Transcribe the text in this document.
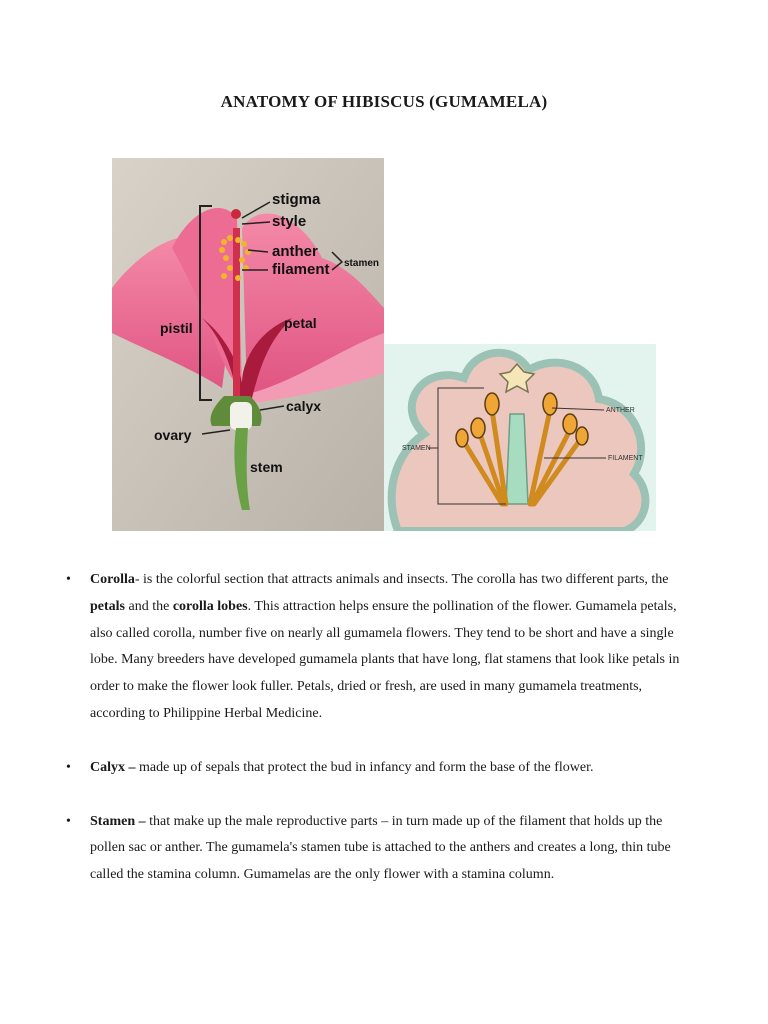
ANATOMY OF HIBISCUS (GUMAMELA)
stigma
style
anther
filament stamen
pistil	petal
calyx
ovary
stem
ANTHER
FILAMENT
STAMEN
• Corolla- is the colorful section that attracts animals and insects. The corolla has two different parts, the petals and the corolla lobes. This attraction helps ensure the pollination of the flower. Gumamela petals, also called corolla, number five on nearly all gumamela flowers. They tend to be short and have a single lobe. Many breeders have developed gumamela plants that have long, flat stamens that look like petals in order to make the flower look fuller. Petals, dried or fresh, are used in many gumamela treatments, according to Philippine Herbal Medicine.

• Calyx – made up of sepals that protect the bud in infancy and form the base of the flower.

• Stamen – that make up the male reproductive parts – in turn made up of the filament that holds up the pollen sac or anther. The gumamela's stamen tube is attached to the anthers and creates a long, thin tube called the stamina column. Gumamelas are the only flower with a stamina column.
